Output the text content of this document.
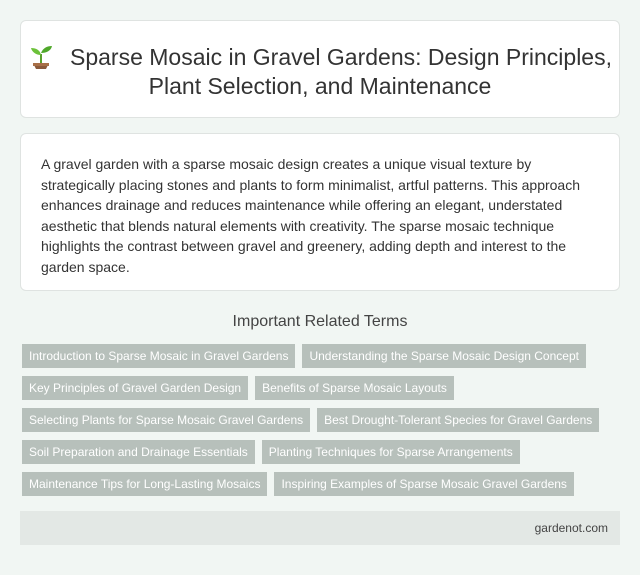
Sparse Mosaic in Gravel Gardens: Design Principles, Plant Selection, and Maintenance

A gravel garden with a sparse mosaic design creates a unique visual texture by strategically placing stones and plants to form minimalist, artful patterns. This approach enhances drainage and reduces maintenance while offering an elegant, understated aesthetic that blends natural elements with creativity. The sparse mosaic technique highlights the contrast between gravel and greenery, adding depth and interest to the garden space.

Important Related Terms
Introduction to Sparse Mosaic in Gravel Gardens Understanding the Sparse Mosaic Design Concept
Key Principles of Gravel Garden Design Benefits of Sparse Mosaic Layouts
Selecting Plants for Sparse Mosaic Gravel Gardens Best Drought-Tolerant Species for Gravel Gardens
Soil Preparation and Drainage Essentials Planting Techniques for Sparse Arrangements
Maintenance Tips for Long-Lasting Mosaics Inspiring Examples of Sparse Mosaic Gravel Gardens
gardenot.com
